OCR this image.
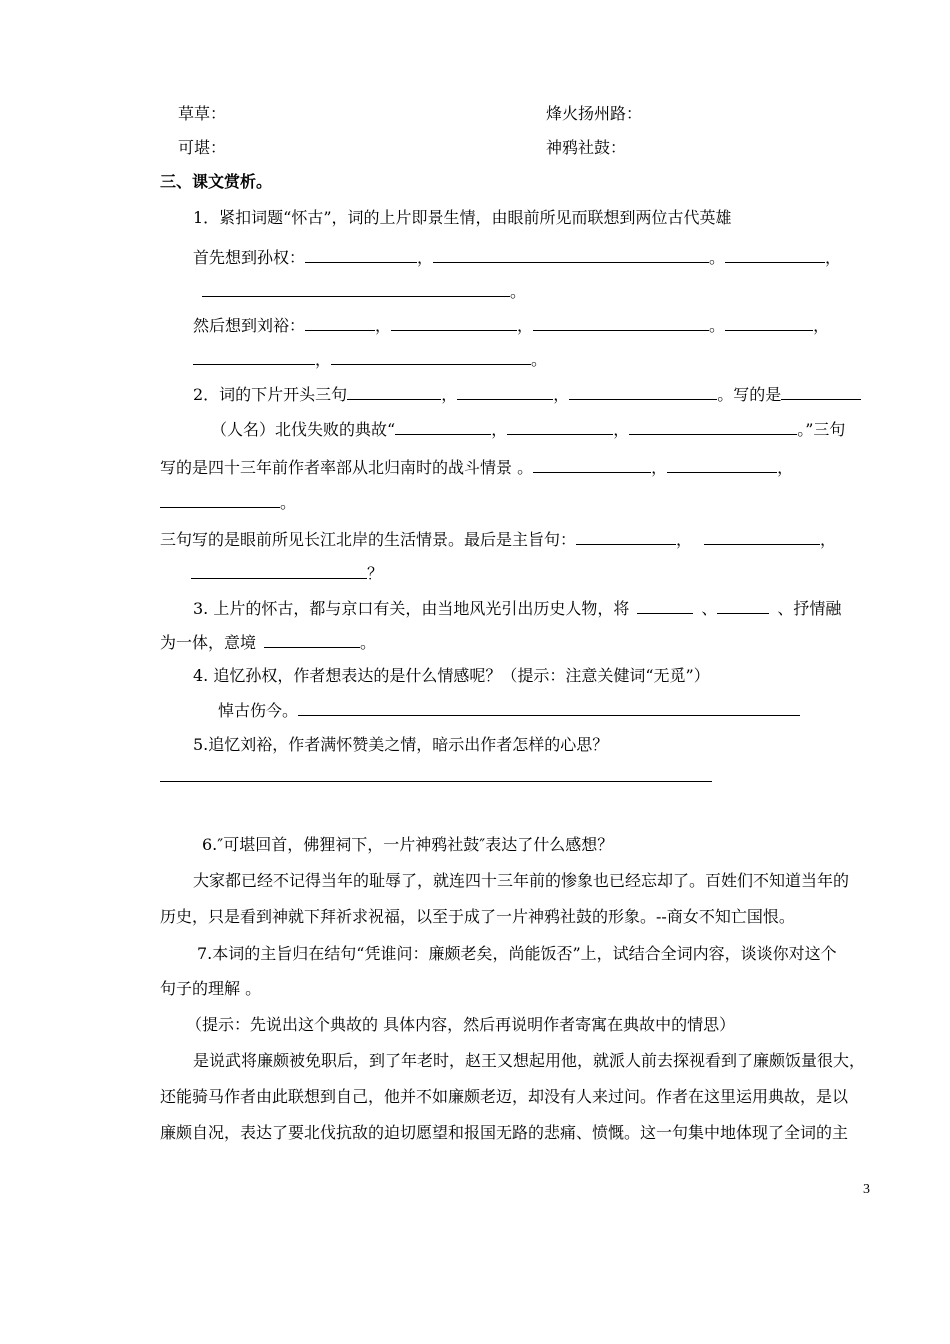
草草：	烽火扬州路：
可堪：	神鸦社鼓：
三、课文赏析。
1．紧扣词题“怀古”，词的上片即景生情，由眼前所见而联想到两位古代英雄
首先想到孙权：	，	。	，
。
然后想到刘裕：	，	，	。	，
，	。
2．词的下片开头三句	，	，	。写的是
（人名）北伐失败的典故“	，	，	。”三句
写的是四十三年前作者率部从北归南时的战斗情景 。	，	，
。
三句写的是眼前所见长江北岸的生活情景。最后是主旨句：	，	，
？
3. 上片的怀古，都与京口有关，由当地风光引出历史人物，将	、	、抒情融
为一体，意境	。
4. 追忆孙权，作者想表达的是什么情感呢？（提示：注意关健词“无觅”）
悼古伤今。
5.追忆刘裕，作者满怀赞美之情，暗示出作者怎样的心思？
6.″可堪回首，佛狸祠下，一片神鸦社鼓″表达了什么感想？
大家都已经不记得当年的耻辱了，就连四十三年前的惨象也已经忘却了。百姓们不知道当年的
历史，只是看到神就下拜祈求祝福，以至于成了一片神鸦社鼓的形象。--商女不知亡国恨。
7.本词的主旨归在结句“凭谁问：廉颇老矣，尚能饭否”上，试结合全词内容，谈谈你对这个
句子的理解 。
（提示：先说出这个典故的 具体内容，然后再说明作者寄寓在典故中的情思）
是说武将廉颇被免职后，到了年老时，赵王又想起用他，就派人前去探视看到了廉颇饭量很大，
还能骑马作者由此联想到自己，他并不如廉颇老迈，却没有人来过问。作者在这里运用典故，是以
廉颇自况，表达了要北伐抗敌的迫切愿望和报国无路的悲痛、愤慨。这一句集中地体现了全词的主
3
